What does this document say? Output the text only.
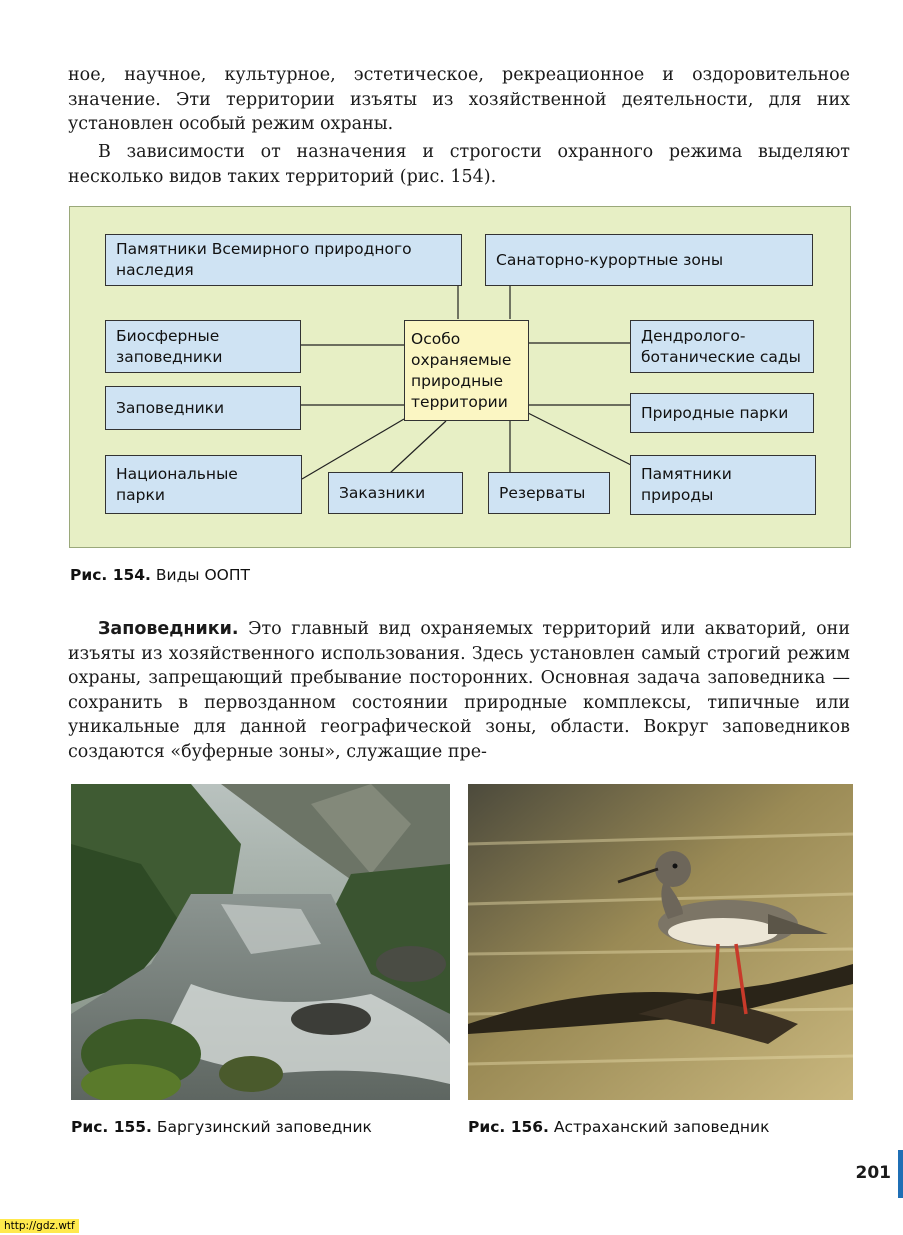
ное, научное, культурное, эстетическое, рекреационное и оздоровительное значение. Эти территории изъяты из хозяйственной деятельности, для них установлен особый режим охраны.

В зависимости от назначения и строгости охранного режима выделяют несколько видов таких территорий (рис. 154).

Памятники Всемирного природного наследия
Санаторно-курортные зоны
Биосферные заповедники
Особо охраняемые природные территории
Дендролого-ботанические сады
Заповедники	Природные парки
Национальные парки	Заказники	Резерваты
Памятники природы
Рис. 154. Виды ООПТ

Заповедники. Это главный вид охраняемых территорий или акваторий, они изъяты из хозяйственного использования. Здесь установлен самый строгий режим охраны, запрещающий пребывание посторонних. Основная задача заповедника — сохранить в первозданном состоянии природные комплексы, типичные или уникальные для данной географической зоны, области. Вокруг заповедников создаются «буферные зоны», служащие пре-

Рис. 155. Баргузинский заповедник	Рис. 156. Астраханский заповедник
201
http://gdz.wtf
